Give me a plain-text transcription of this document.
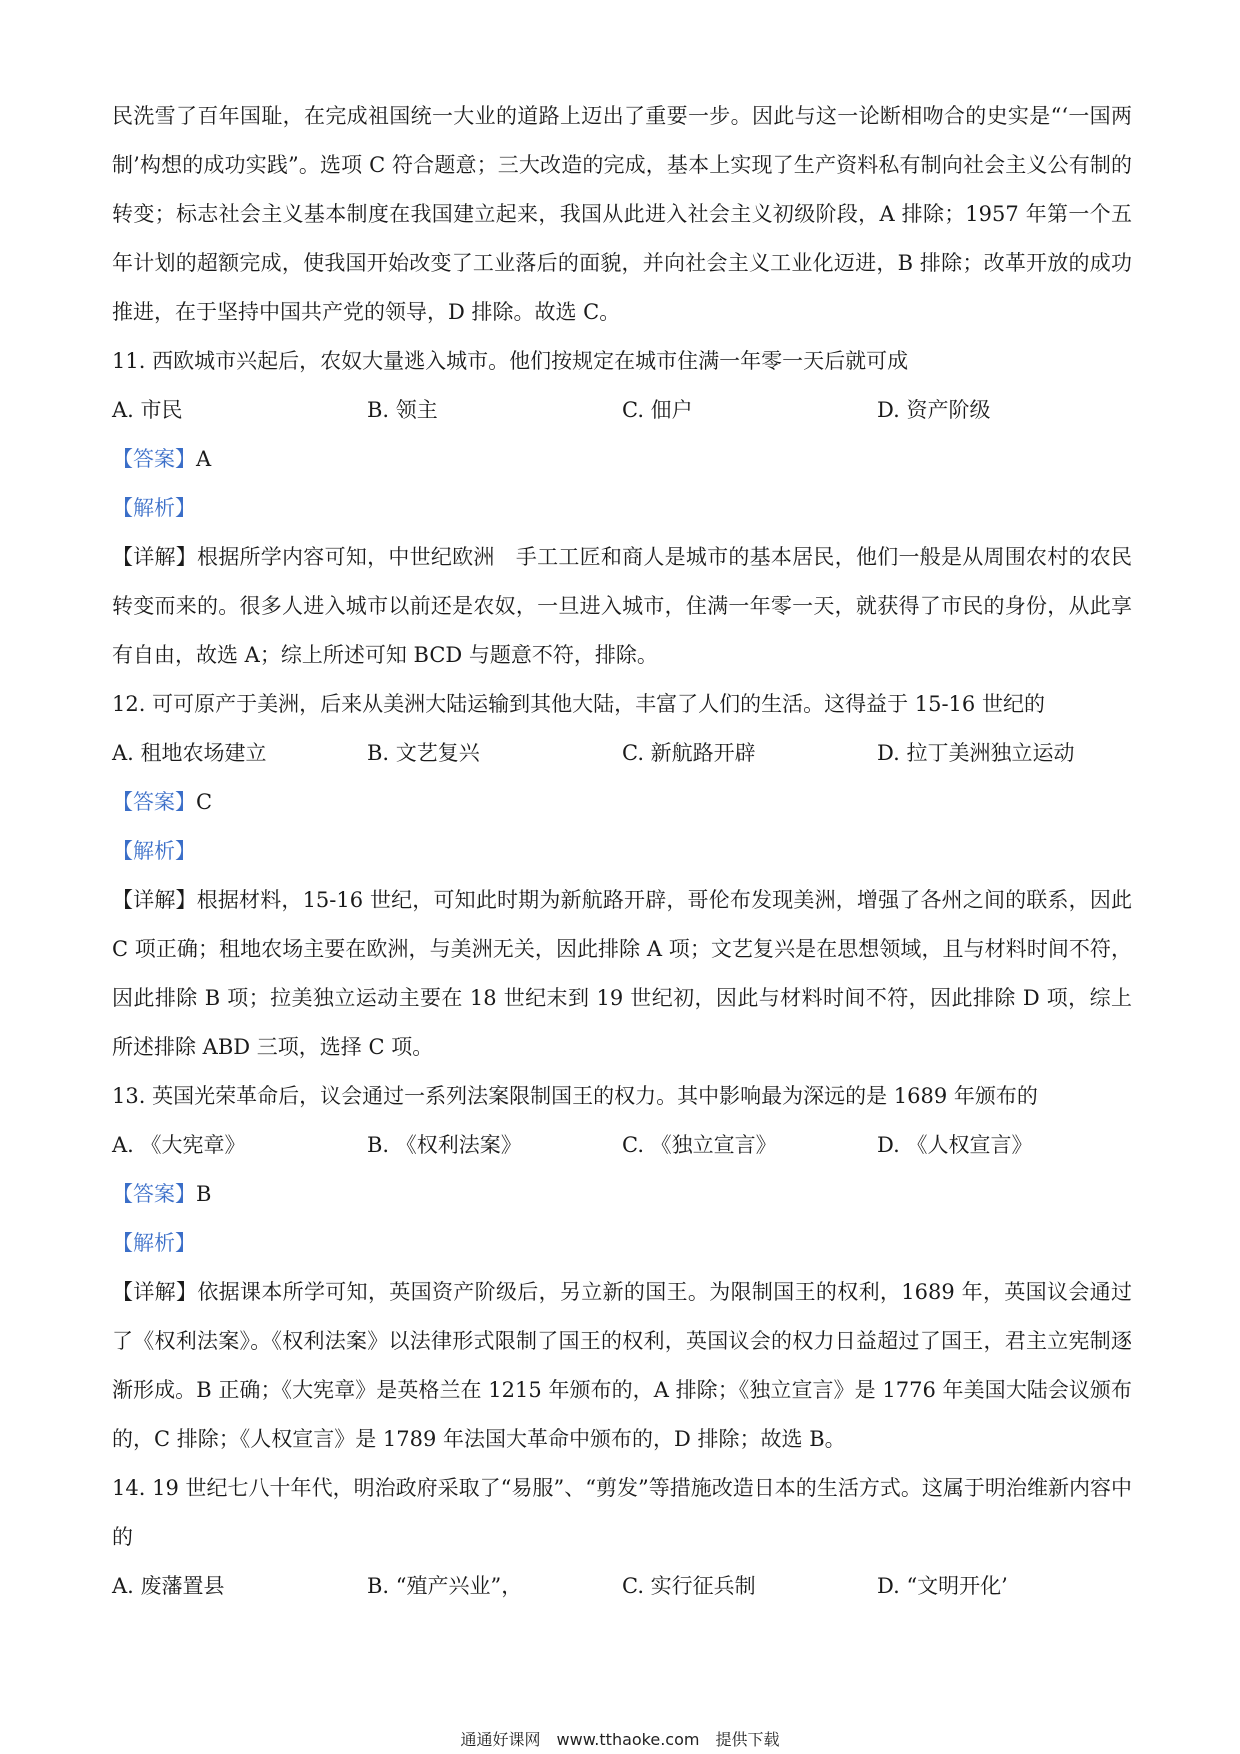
民洗雪了百年国耻，在完成祖国统一大业的道路上迈出了重要一步。因此与这一论断相吻合的史实是“‘一国两制’构想的成功实践”。选项 C 符合题意；三大改造的完成，基本上实现了生产资料私有制向社会主义公有制的转变；标志社会主义基本制度在我国建立起来，我国从此进入社会主义初级阶段，A 排除；1957 年第一个五年计划的超额完成，使我国开始改变了工业落后的面貌，并向社会主义工业化迈进，B 排除；改革开放的成功推进，在于坚持中国共产党的领导，D 排除。故选 C。

11. 西欧城市兴起后，农奴大量逃入城市。他们按规定在城市住满一年零一天后就可成

A. 市民	B. 领主	C. 佃户	D. 资产阶级

【答案】A

【解析】

【详解】根据所学内容可知，中世纪欧洲　手工工匠和商人是城市的基本居民，他们一般是从周围农村的农民转变而来的。很多人进入城市以前还是农奴，一旦进入城市，住满一年零一天，就获得了市民的身份，从此享有自由，故选 A；综上所述可知 BCD 与题意不符，排除。

12. 可可原产于美洲，后来从美洲大陆运输到其他大陆，丰富了人们的生活。这得益于 15-16 世纪的

A. 租地农场建立	B. 文艺复兴	C. 新航路开辟	D. 拉丁美洲独立运动

【答案】C

【解析】

【详解】根据材料，15-16 世纪，可知此时期为新航路开辟，哥伦布发现美洲，增强了各州之间的联系，因此 C 项正确；租地农场主要在欧洲，与美洲无关，因此排除 A 项；文艺复兴是在思想领域，且与材料时间不符，因此排除 B 项；拉美独立运动主要在 18 世纪末到 19 世纪初，因此与材料时间不符，因此排除 D 项，综上所述排除 ABD 三项，选择 C 项。

13. 英国光荣革命后，议会通过一系列法案限制国王的权力。其中影响最为深远的是 1689 年颁布的

A. 《大宪章》	B. 《权利法案》	C. 《独立宣言》	D. 《人权宣言》

【答案】B

【解析】

【详解】依据课本所学可知，英国资产阶级后，另立新的国王。为限制国王的权利，1689 年，英国议会通过了《权利法案》。《权利法案》以法律形式限制了国王的权利，英国议会的权力日益超过了国王，君主立宪制逐渐形成。B 正确；《大宪章》是英格兰在 1215 年颁布的，A 排除；《独立宣言》是 1776 年美国大陆会议颁布的，C 排除；《人权宣言》是 1789 年法国大革命中颁布的，D 排除；故选 B。

14. 19 世纪七八十年代，明治政府采取了“易服”、“剪发”等措施改造日本的生活方式。这属于明治维新内容中的

A. 废藩置县	B. “殖产兴业”，	C. 实行征兵制	D. “文明开化’
通通好课网　www.tthaoke.com　提供下载
